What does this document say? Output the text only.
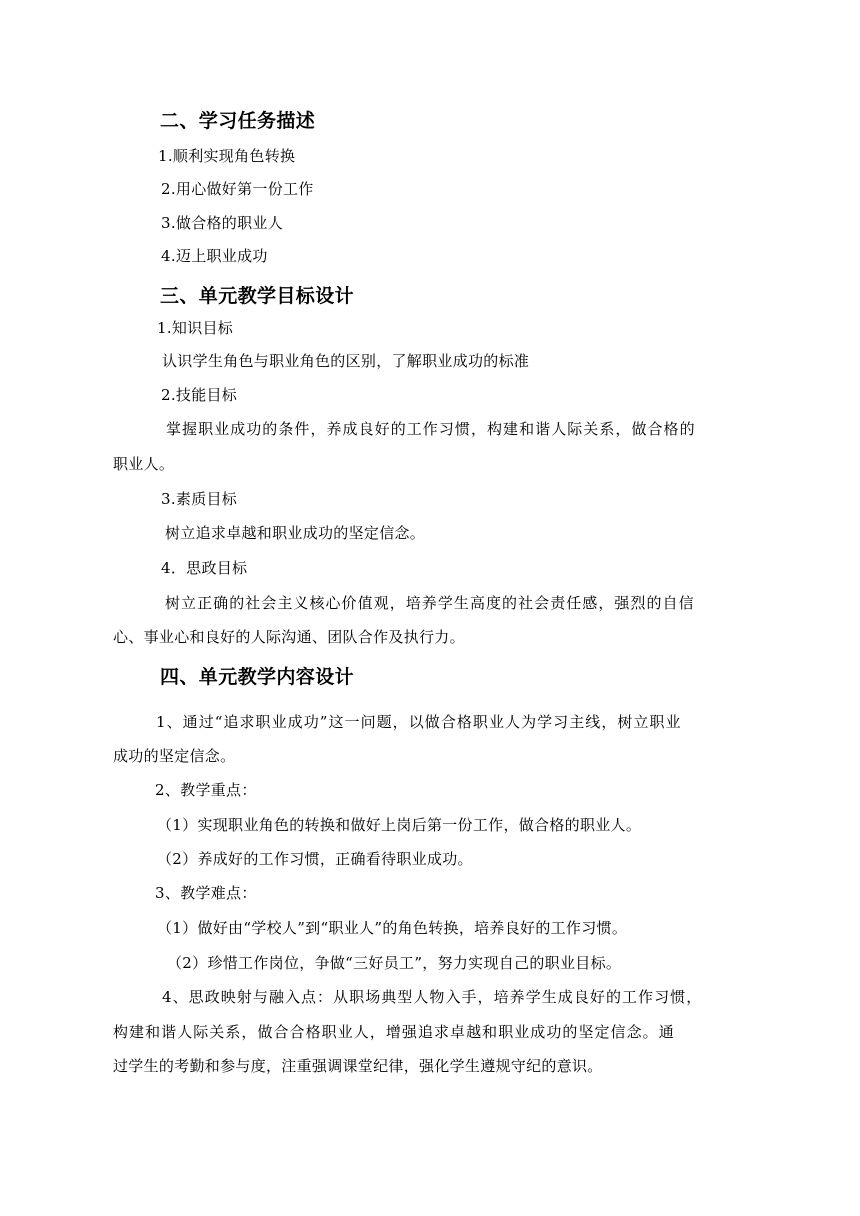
二、学习任务描述
1.顺利实现角色转换
2.用心做好第一份工作
3.做合格的职业人
4.迈上职业成功
三、单元教学目标设计
1.知识目标
认识学生角色与职业角色的区别，了解职业成功的标准
2.技能目标
掌握职业成功的条件，养成良好的工作习惯，构建和谐人际关系，做合格的
职业人。
3.素质目标
树立追求卓越和职业成功的坚定信念。
4．思政目标
树立正确的社会主义核心价值观，培养学生高度的社会责任感，强烈的自信
心、事业心和良好的人际沟通、团队合作及执行力。
四、单元教学内容设计
1、通过“追求职业成功”这一问题，以做合格职业人为学习主线，树立职业
成功的坚定信念。
2、教学重点：
（1）实现职业角色的转换和做好上岗后第一份工作，做合格的职业人。
（2）养成好的工作习惯，正确看待职业成功。
3、教学难点：
（1）做好由“学校人”到“职业人”的角色转换，培养良好的工作习惯。
（2）珍惜工作岗位，争做“三好员工”，努力实现自己的职业目标。
4、思政映射与融入点：从职场典型人物入手，培养学生成良好的工作习惯，
构建和谐人际关系，做合合格职业人，增强追求卓越和职业成功的坚定信念。通
过学生的考勤和参与度，注重强调课堂纪律，强化学生遵规守纪的意识。
